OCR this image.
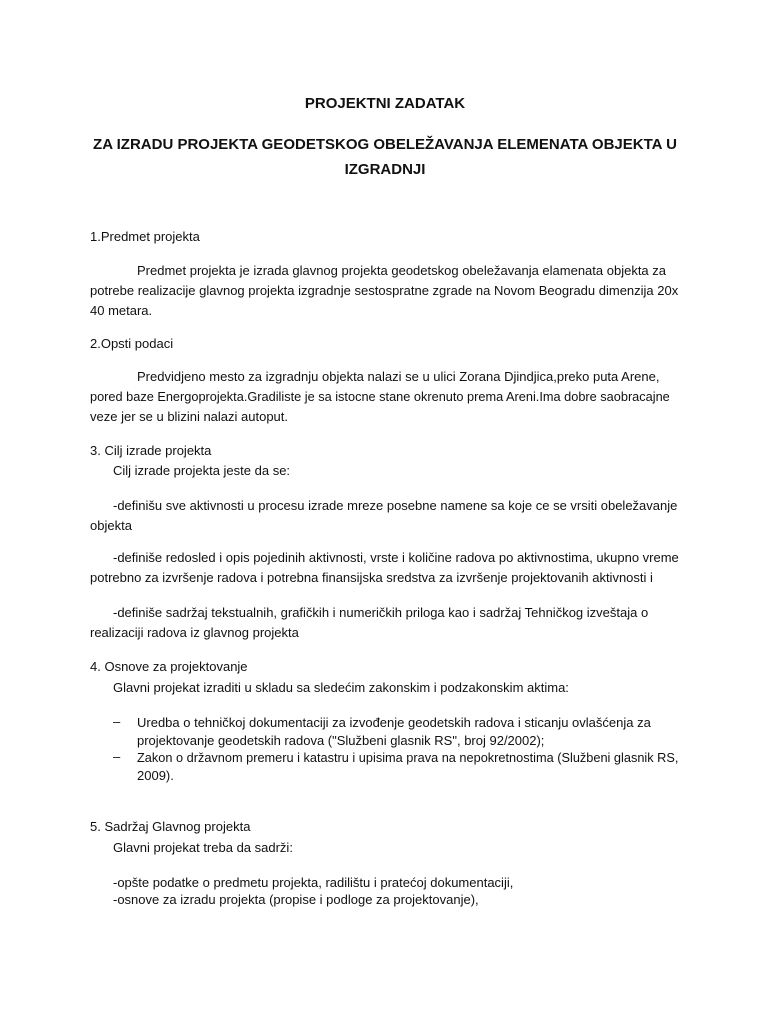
PROJEKTNI ZADATAK
ZA IZRADU PROJEKTA GEODETSKOG OBELEŽAVANJA ELEMENATA OBJEKTA U
IZGRADNJI
1.Predmet projekta
Predmet projekta je izrada glavnog projekta geodetskog obeležavanja elamenata objekta za
potrebe realizacije glavnog projekta izgradnje sestospratne zgrade na Novom Beogradu dimenzija 20x
40 metara.
2.Opsti podaci
Predvidjeno mesto za izgradnju objekta nalazi se u ulici Zorana Djindjica,preko puta Arene,
pored baze Energoprojekta.Gradiliste je sa istocne stane okrenuto prema Areni.Ima dobre saobracajne
veze jer se u blizini nalazi autoput.
3. Cilj izrade projekta
Cilj izrade projekta jeste da se:
-definišu sve aktivnosti u procesu izrade mreze posebne namene sa koje ce se vrsiti obeležavanje
objekta
-definiše redosled i opis pojedinih aktivnosti, vrste i količine radova po aktivnostima, ukupno vreme
potrebno za izvršenje radova i potrebna finansijska sredstva za izvršenje projektovanih aktivnosti i
-definiše sadržaj tekstualnih, grafičkih i numeričkih priloga kao i sadržaj Tehničkog izveštaja o
realizaciji radova iz glavnog projekta
4. Osnove za projektovanje
Glavni projekat izraditi u skladu sa sledećim zakonskim i podzakonskim aktima:
– Uredba o tehničkoj dokumentaciji za izvođenje geodetskih radova i sticanju ovlašćenja za
projektovanje geodetskih radova ("Službeni glasnik RS", broj 92/2002);
– Zakon o državnom premeru i katastru i upisima prava na nepokretnostima (Službeni glasnik RS,
2009).
5. Sadržaj Glavnog projekta
Glavni projekat treba da sadrži:
-opšte podatke o predmetu projekta, radilištu i pratećoj dokumentaciji,
-osnove za izradu projekta (propise i podloge za projektovanje),
